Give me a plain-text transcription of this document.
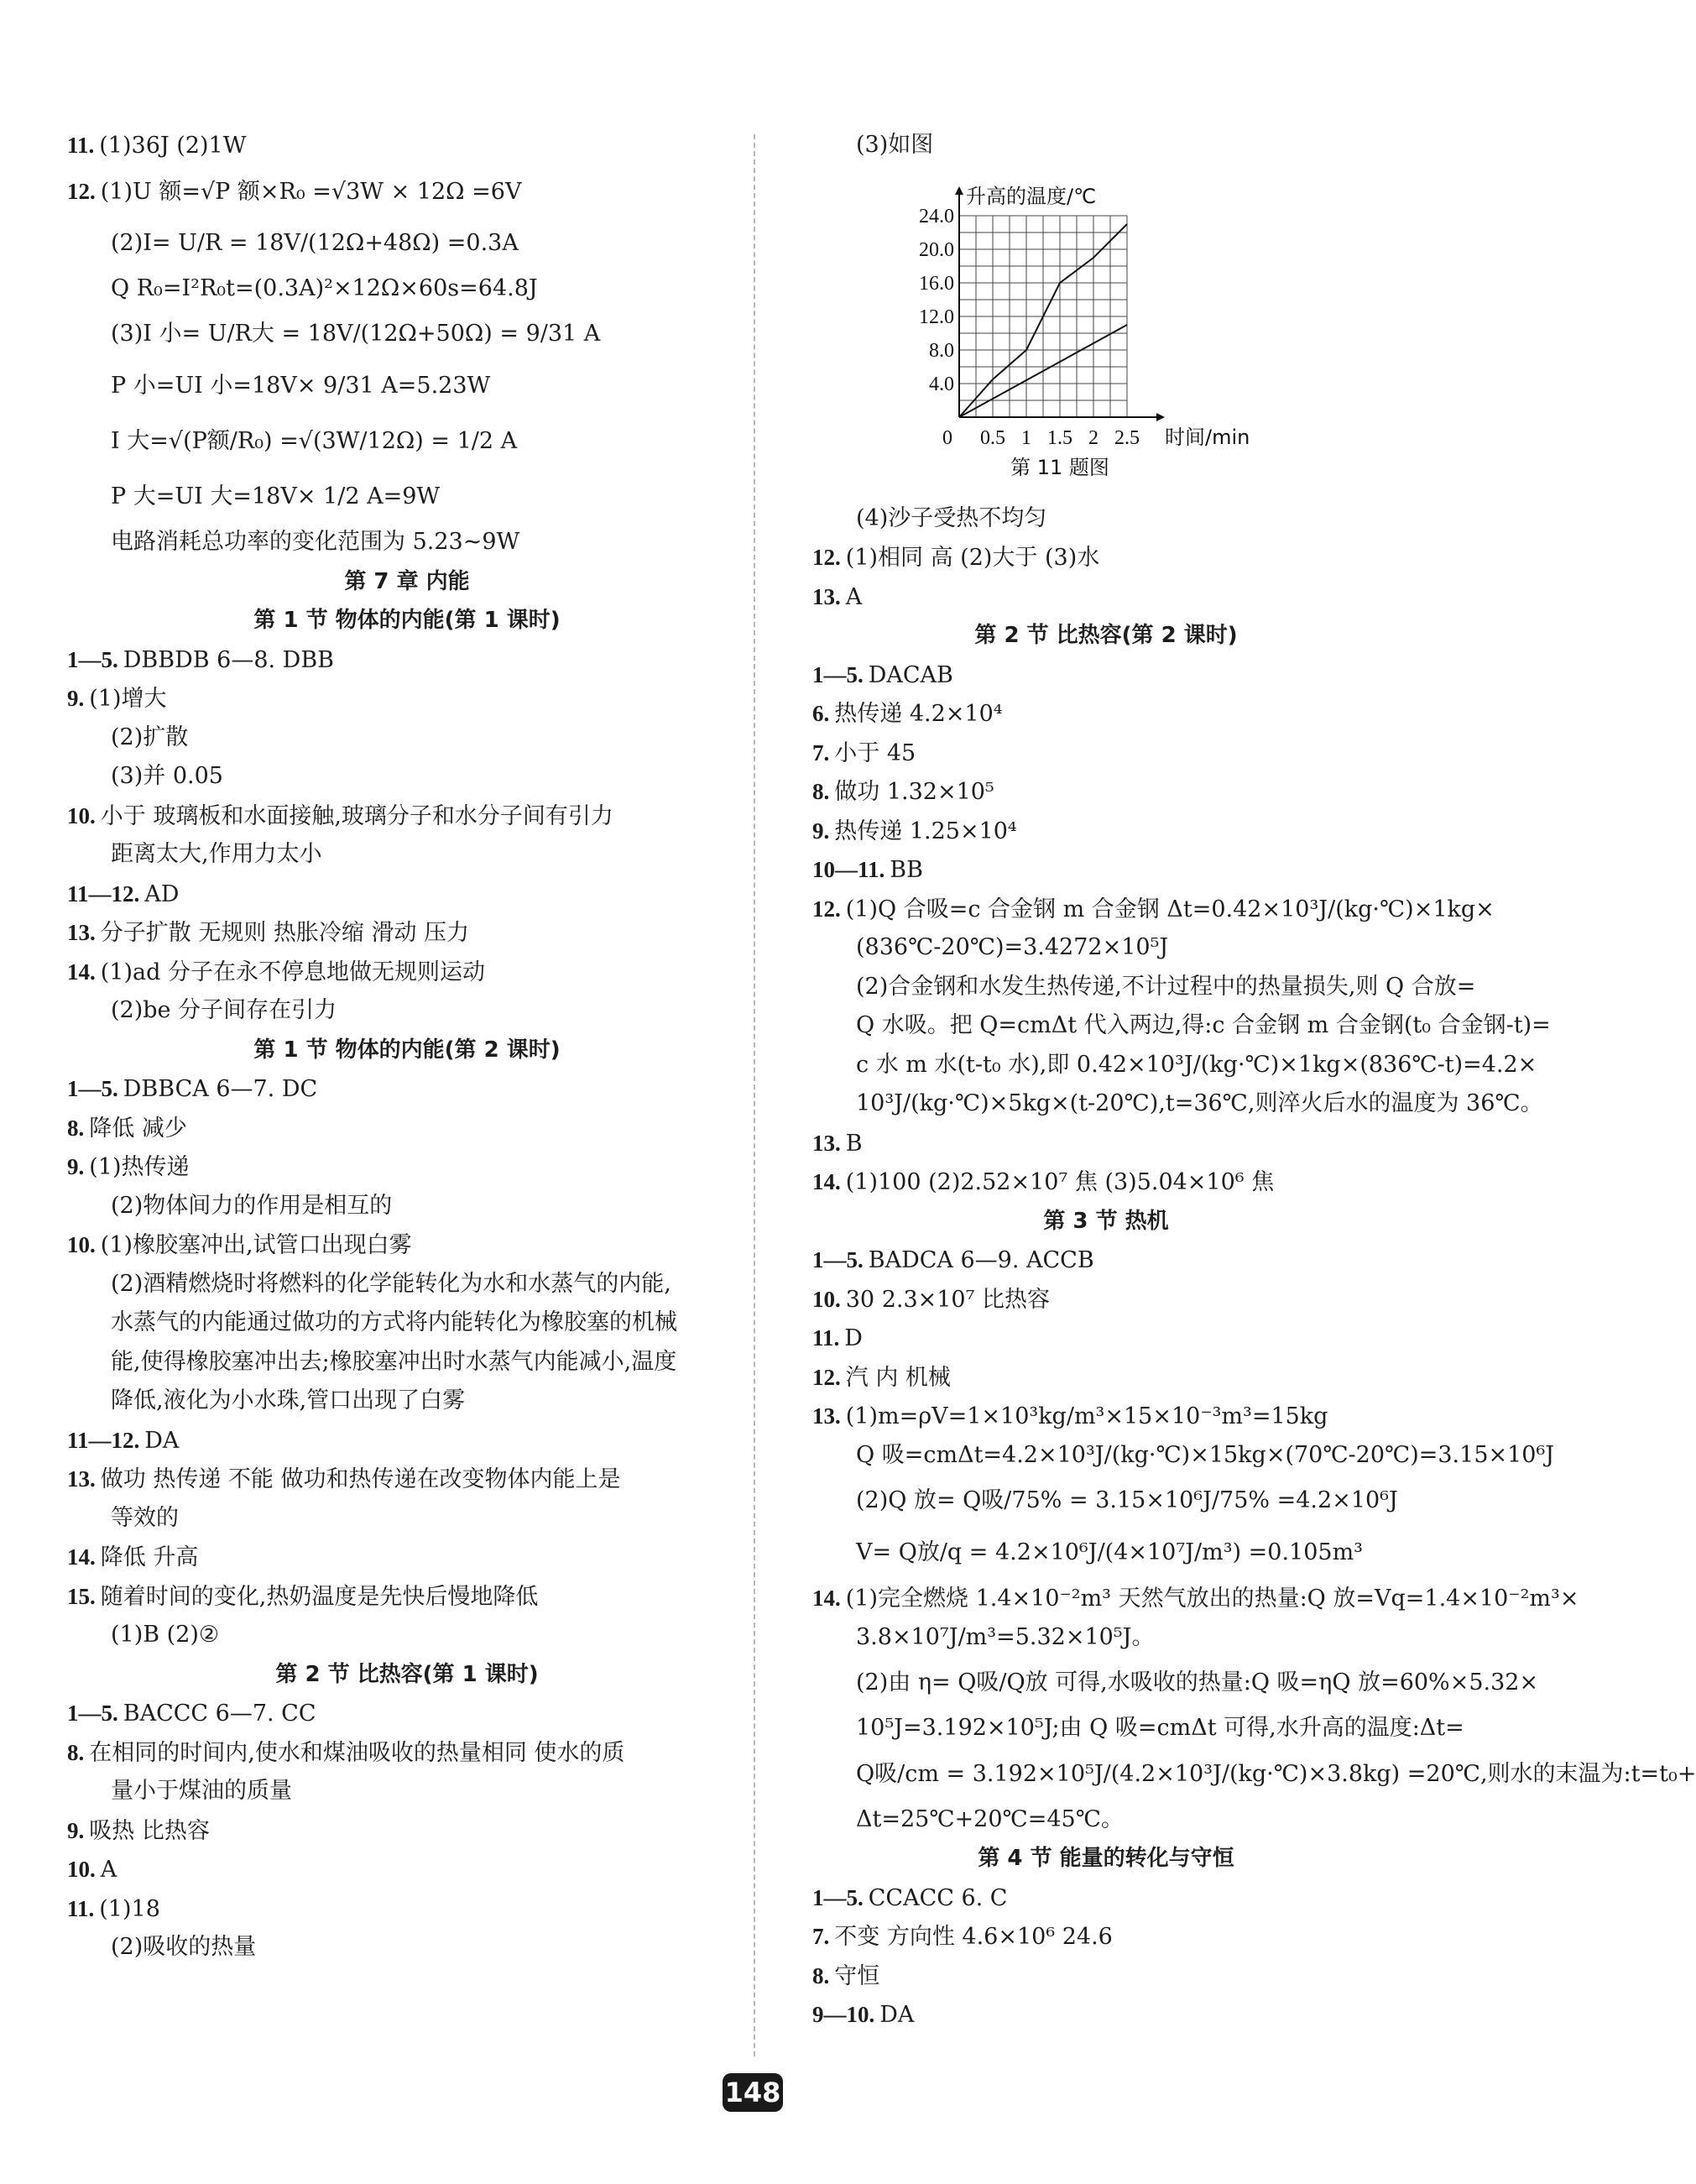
11. (1)36J (2)1W
12. (1)U 额=√P 额×R₀ =√3W × 12Ω =6V
(2)I= U/R = 18V/(12Ω+48Ω) =0.3A
Q R₀=I²R₀t=(0.3A)²×12Ω×60s=64.8J
(3)I 小= U/R大 = 18V/(12Ω+50Ω) = 9/31 A
P 小=UI 小=18V× 9/31 A=5.23W
I 大=√(P额/R₀) =√(3W/12Ω) = 1/2 A
P 大=UI 大=18V× 1/2 A=9W
电路消耗总功率的变化范围为 5.23~9W
第 7 章 内能
第 1 节 物体的内能(第 1 课时)
1—5. DBBDB 6—8. DBB
9. (1)增大
(2)扩散
(3)并 0.05
10. 小于 玻璃板和水面接触,玻璃分子和水分子间有引力
距离太大,作用力太小
11—12. AD
13. 分子扩散 无规则 热胀冷缩 滑动 压力
14. (1)ad 分子在永不停息地做无规则运动
(2)be 分子间存在引力
第 1 节 物体的内能(第 2 课时)
1—5. DBBCA 6—7. DC
8. 降低 减少
9. (1)热传递
(2)物体间力的作用是相互的
10. (1)橡胶塞冲出,试管口出现白雾
(2)酒精燃烧时将燃料的化学能转化为水和水蒸气的内能,
水蒸气的内能通过做功的方式将内能转化为橡胶塞的机械
能,使得橡胶塞冲出去;橡胶塞冲出时水蒸气内能减小,温度
降低,液化为小水珠,管口出现了白雾
11—12. DA
13. 做功 热传递 不能 做功和热传递在改变物体内能上是
等效的
14. 降低 升高
15. 随着时间的变化,热奶温度是先快后慢地降低
(1)B (2)②
第 2 节 比热容(第 1 课时)
1—5. BACCC 6—7. CC
8. 在相同的时间内,使水和煤油吸收的热量相同 使水的质
量小于煤油的质量
9. 吸热 比热容
10. A
11. (1)18
(2)吸收的热量
(3)如图
4.0
8.0
12.0
16.0
20.0
24.0
0 0.5 1 1.5 2 2.5
升高的温度/℃
时间/min
第 11 题图
(4)沙子受热不均匀
12. (1)相同 高 (2)大于 (3)水
13. A
第 2 节 比热容(第 2 课时)
1—5. DACAB
6. 热传递 4.2×10⁴
7. 小于 45
8. 做功 1.32×10⁵
9. 热传递 1.25×10⁴
10—11. BB
12. (1)Q 合吸=c 合金钢 m 合金钢 Δt=0.42×10³J/(kg·℃)×1kg×
(836℃-20℃)=3.4272×10⁵J
(2)合金钢和水发生热传递,不计过程中的热量损失,则 Q 合放=
Q 水吸。把 Q=cmΔt 代入两边,得:c 合金钢 m 合金钢(t₀ 合金钢-t)=
c 水 m 水(t-t₀ 水),即 0.42×10³J/(kg·℃)×1kg×(836℃-t)=4.2×
10³J/(kg·℃)×5kg×(t-20℃),t=36℃,则淬火后水的温度为 36℃。
13. B
14. (1)100 (2)2.52×10⁷ 焦 (3)5.04×10⁶ 焦
第 3 节 热机
1—5. BADCA 6—9. ACCB
10. 30 2.3×10⁷ 比热容
11. D
12. 汽 内 机械
13. (1)m=ρV=1×10³kg/m³×15×10⁻³m³=15kg
Q 吸=cmΔt=4.2×10³J/(kg·℃)×15kg×(70℃-20℃)=3.15×10⁶J
(2)Q 放= Q吸/75% = 3.15×10⁶J/75% =4.2×10⁶J
V= Q放/q = 4.2×10⁶J/(4×10⁷J/m³) =0.105m³
14. (1)完全燃烧 1.4×10⁻²m³ 天然气放出的热量:Q 放=Vq=1.4×10⁻²m³×
3.8×10⁷J/m³=5.32×10⁵J。
(2)由 η= Q吸/Q放 可得,水吸收的热量:Q 吸=ηQ 放=60%×5.32×
10⁵J=3.192×10⁵J;由 Q 吸=cmΔt 可得,水升高的温度:Δt=
Q吸/cm = 3.192×10⁵J/(4.2×10³J/(kg·℃)×3.8kg) =20℃,则水的末温为:t=t₀+
Δt=25℃+20℃=45℃。
第 4 节 能量的转化与守恒
1—5. CCACC 6. C
7. 不变 方向性 4.6×10⁶ 24.6
8. 守恒
9—10. DA
148
